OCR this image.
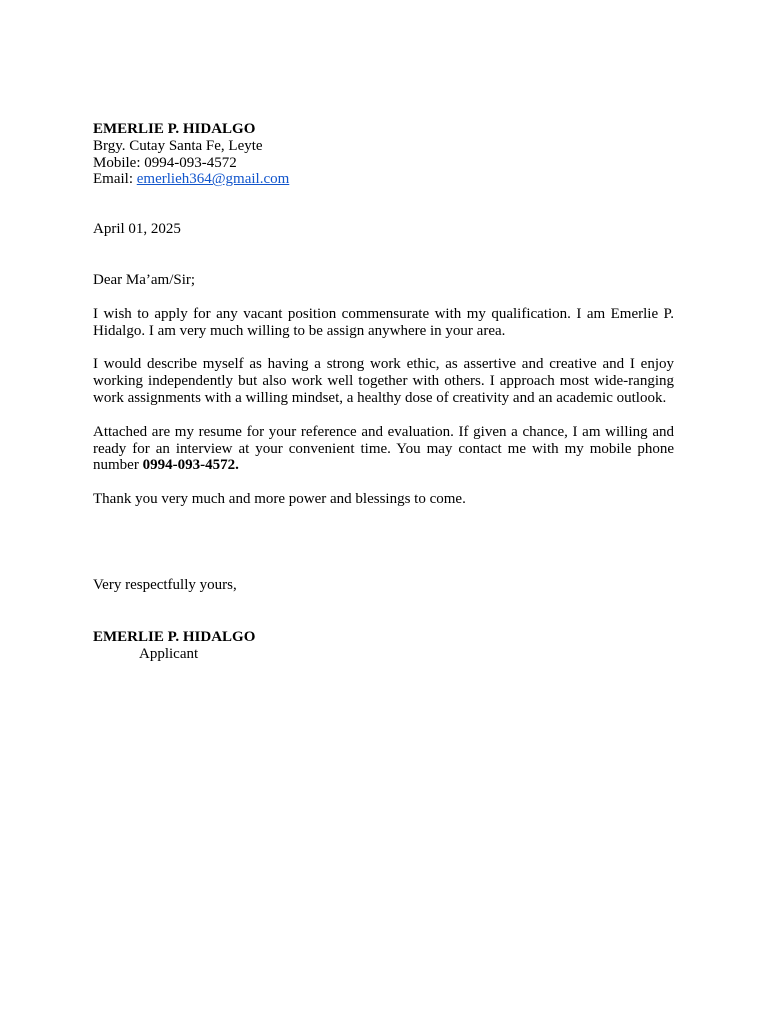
EMERLIE P. HIDALGO
Brgy. Cutay Santa Fe, Leyte
Mobile: 0994-093-4572
Email: emerlieh364@gmail.com
April 01, 2025
Dear Ma’am/Sir;

I wish to apply for any vacant position commensurate with my qualification. I am Emerlie P. Hidalgo. I am very much willing to be assign anywhere in your area.

I would describe myself as having a strong work ethic, as assertive and creative and I enjoy working independently but also work well together with others. I approach most wide-ranging work assignments with a willing mindset, a healthy dose of creativity and an academic outlook.

Attached are my resume for your reference and evaluation. If given a chance, I am willing and ready for an interview at your convenient time. You may contact me with my mobile phone number 0994-093-4572.

Thank you very much and more power and blessings to come.

Very respectfully yours,
EMERLIE P. HIDALGO
Applicant
